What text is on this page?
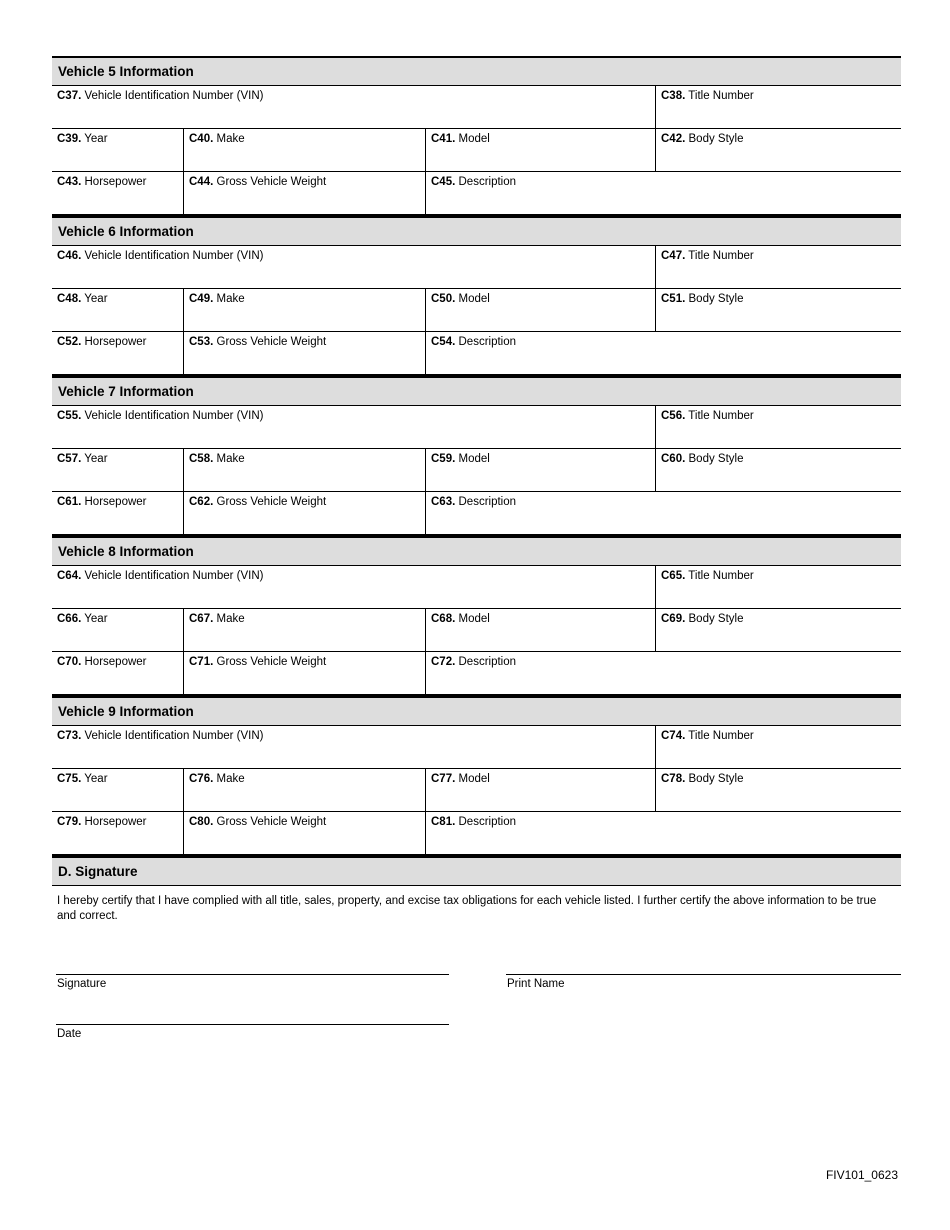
Vehicle 5 Information
C37. Vehicle Identification Number (VIN)	C38. Title Number
C39. Year	C40. Make	C41. Model	C42. Body Style
C43. Horsepower	C44. Gross Vehicle Weight	C45. Description
Vehicle 6 Information
C46. Vehicle Identification Number (VIN)	C47. Title Number
C48. Year	C49. Make	C50. Model	C51. Body Style
C52. Horsepower	C53. Gross Vehicle Weight	C54. Description
Vehicle 7 Information
C55. Vehicle Identification Number (VIN)	C56. Title Number
C57. Year	C58. Make	C59. Model	C60. Body Style
C61. Horsepower	C62. Gross Vehicle Weight	C63. Description
Vehicle 8 Information
C64. Vehicle Identification Number (VIN)	C65. Title Number
C66. Year	C67. Make	C68. Model	C69. Body Style
C70. Horsepower	C71. Gross Vehicle Weight	C72. Description
Vehicle 9 Information
C73. Vehicle Identification Number (VIN)	C74. Title Number
C75. Year	C76. Make	C77. Model	C78. Body Style
C79. Horsepower	C80. Gross Vehicle Weight	C81. Description
D. Signature
I hereby certify that I have complied with all title, sales, property, and excise tax obligations for each vehicle listed. I further certify the above information to be true and correct.
Signature	Print Name
Date
FIV101_0623
